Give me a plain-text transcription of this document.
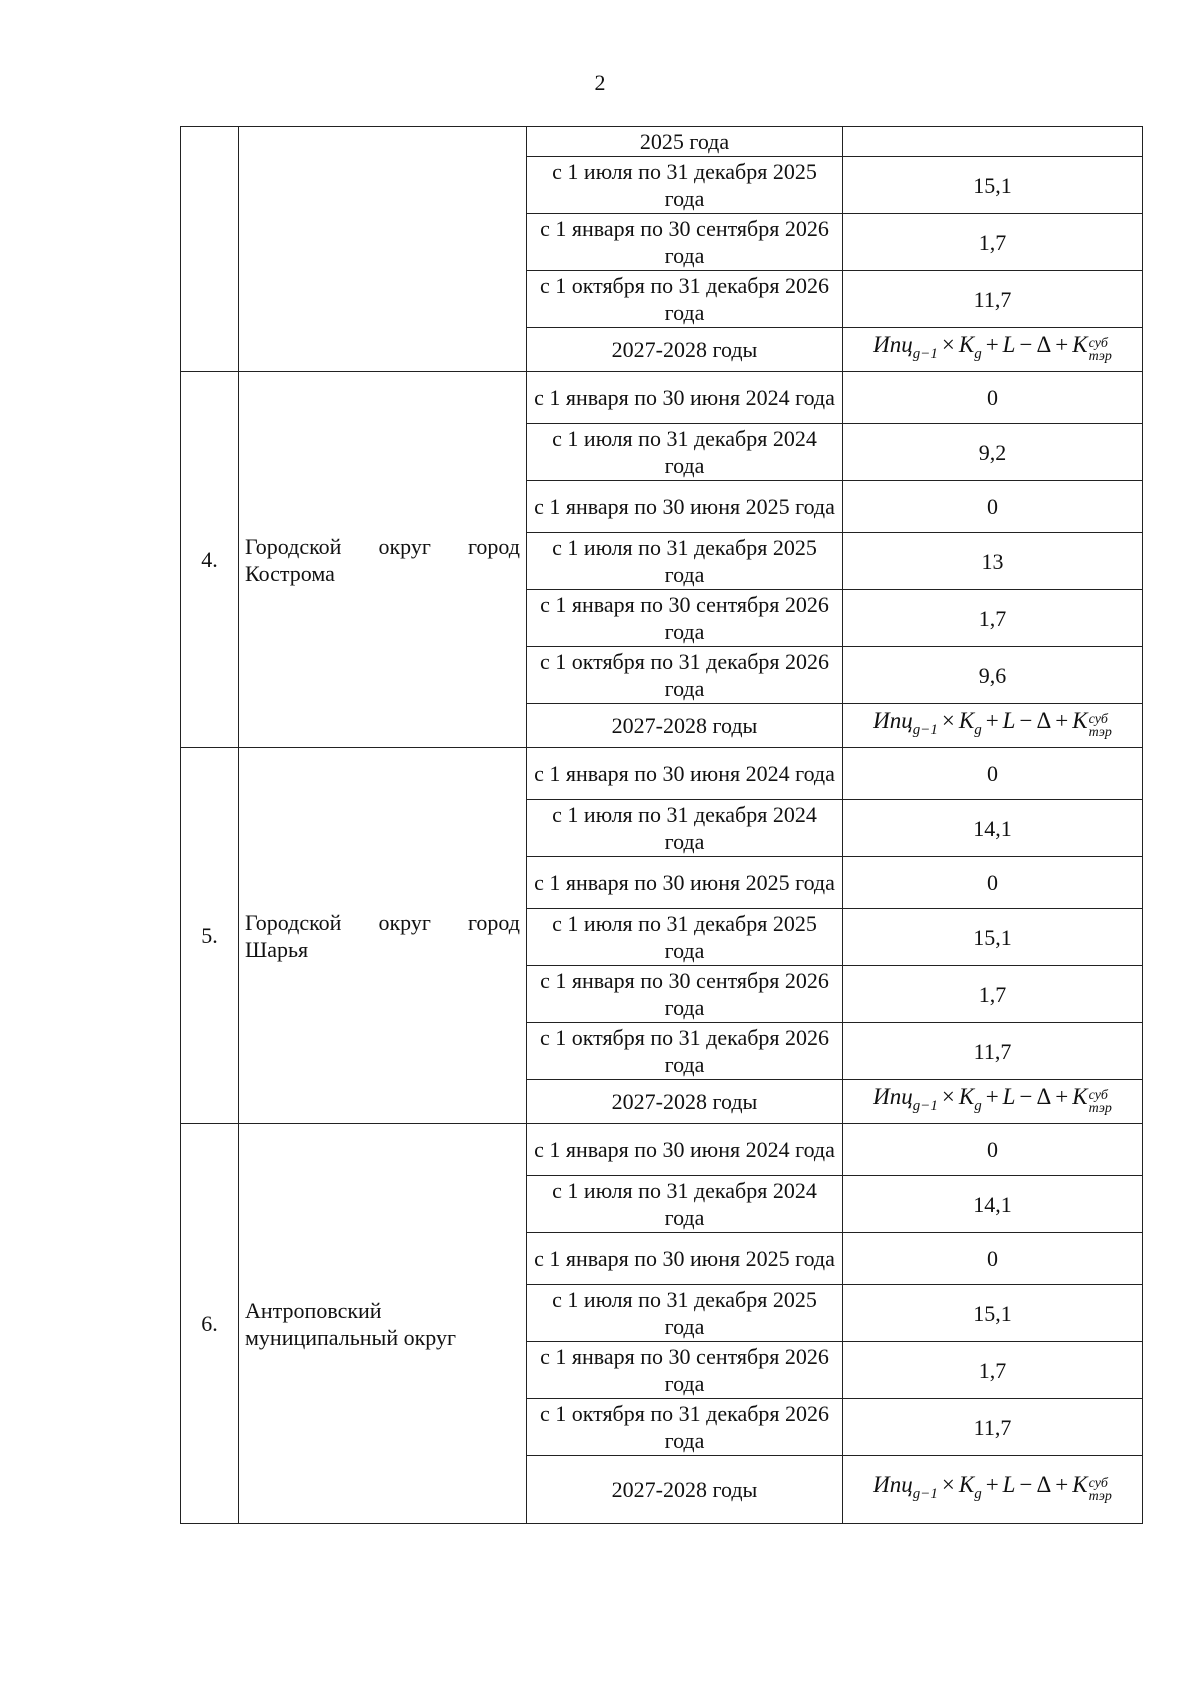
2
		2025 года	
		с 1 июля по 31 декабря 2025 года	15,1
		с 1 января по 30 сентября 2026 года	1,7
		с 1 октября по 31 декабря 2026 года	11,7
		2027-2028 годы	$Ипц_{g-1} \times K_g + L - \Delta + K$ суб
тэр

4.	Городской округ город Кострома	с 1 января по 30 июня 2024 года	0
		с 1 июля по 31 декабря 2024 года	9,2
		с 1 января по 30 июня 2025 года	0
		с 1 июля по 31 декабря 2025 года	13
		с 1 января по 30 сентября 2026 года	1,7
		с 1 октября по 31 декабря 2026 года	9,6
		2027-2028 годы	$Ипц_{g-1} \times K_g + L - \Delta + K$ суб
тэр

5.	Городской округ город Шарья	с 1 января по 30 июня 2024 года	0
		с 1 июля по 31 декабря 2024 года	14,1
		с 1 января по 30 июня 2025 года	0
		с 1 июля по 31 декабря 2025 года	15,1
		с 1 января по 30 сентября 2026 года	1,7
		с 1 октября по 31 декабря 2026 года	11,7
		2027-2028 годы	$Ипц_{g-1} \times K_g + L - \Delta + K$ суб
тэр

6.	Антроповский муниципальный округ	с 1 января по 30 июня 2024 года	0
		с 1 июля по 31 декабря 2024 года	14,1
		с 1 января по 30 июня 2025 года	0
		с 1 июля по 31 декабря 2025 года	15,1
		с 1 января по 30 сентября 2026 года	1,7
		с 1 октября по 31 декабря 2026 года	11,7
		2027-2028 годы	$Ипц_{g-1} \times K_g + L - \Delta + K$ суб
тэр
